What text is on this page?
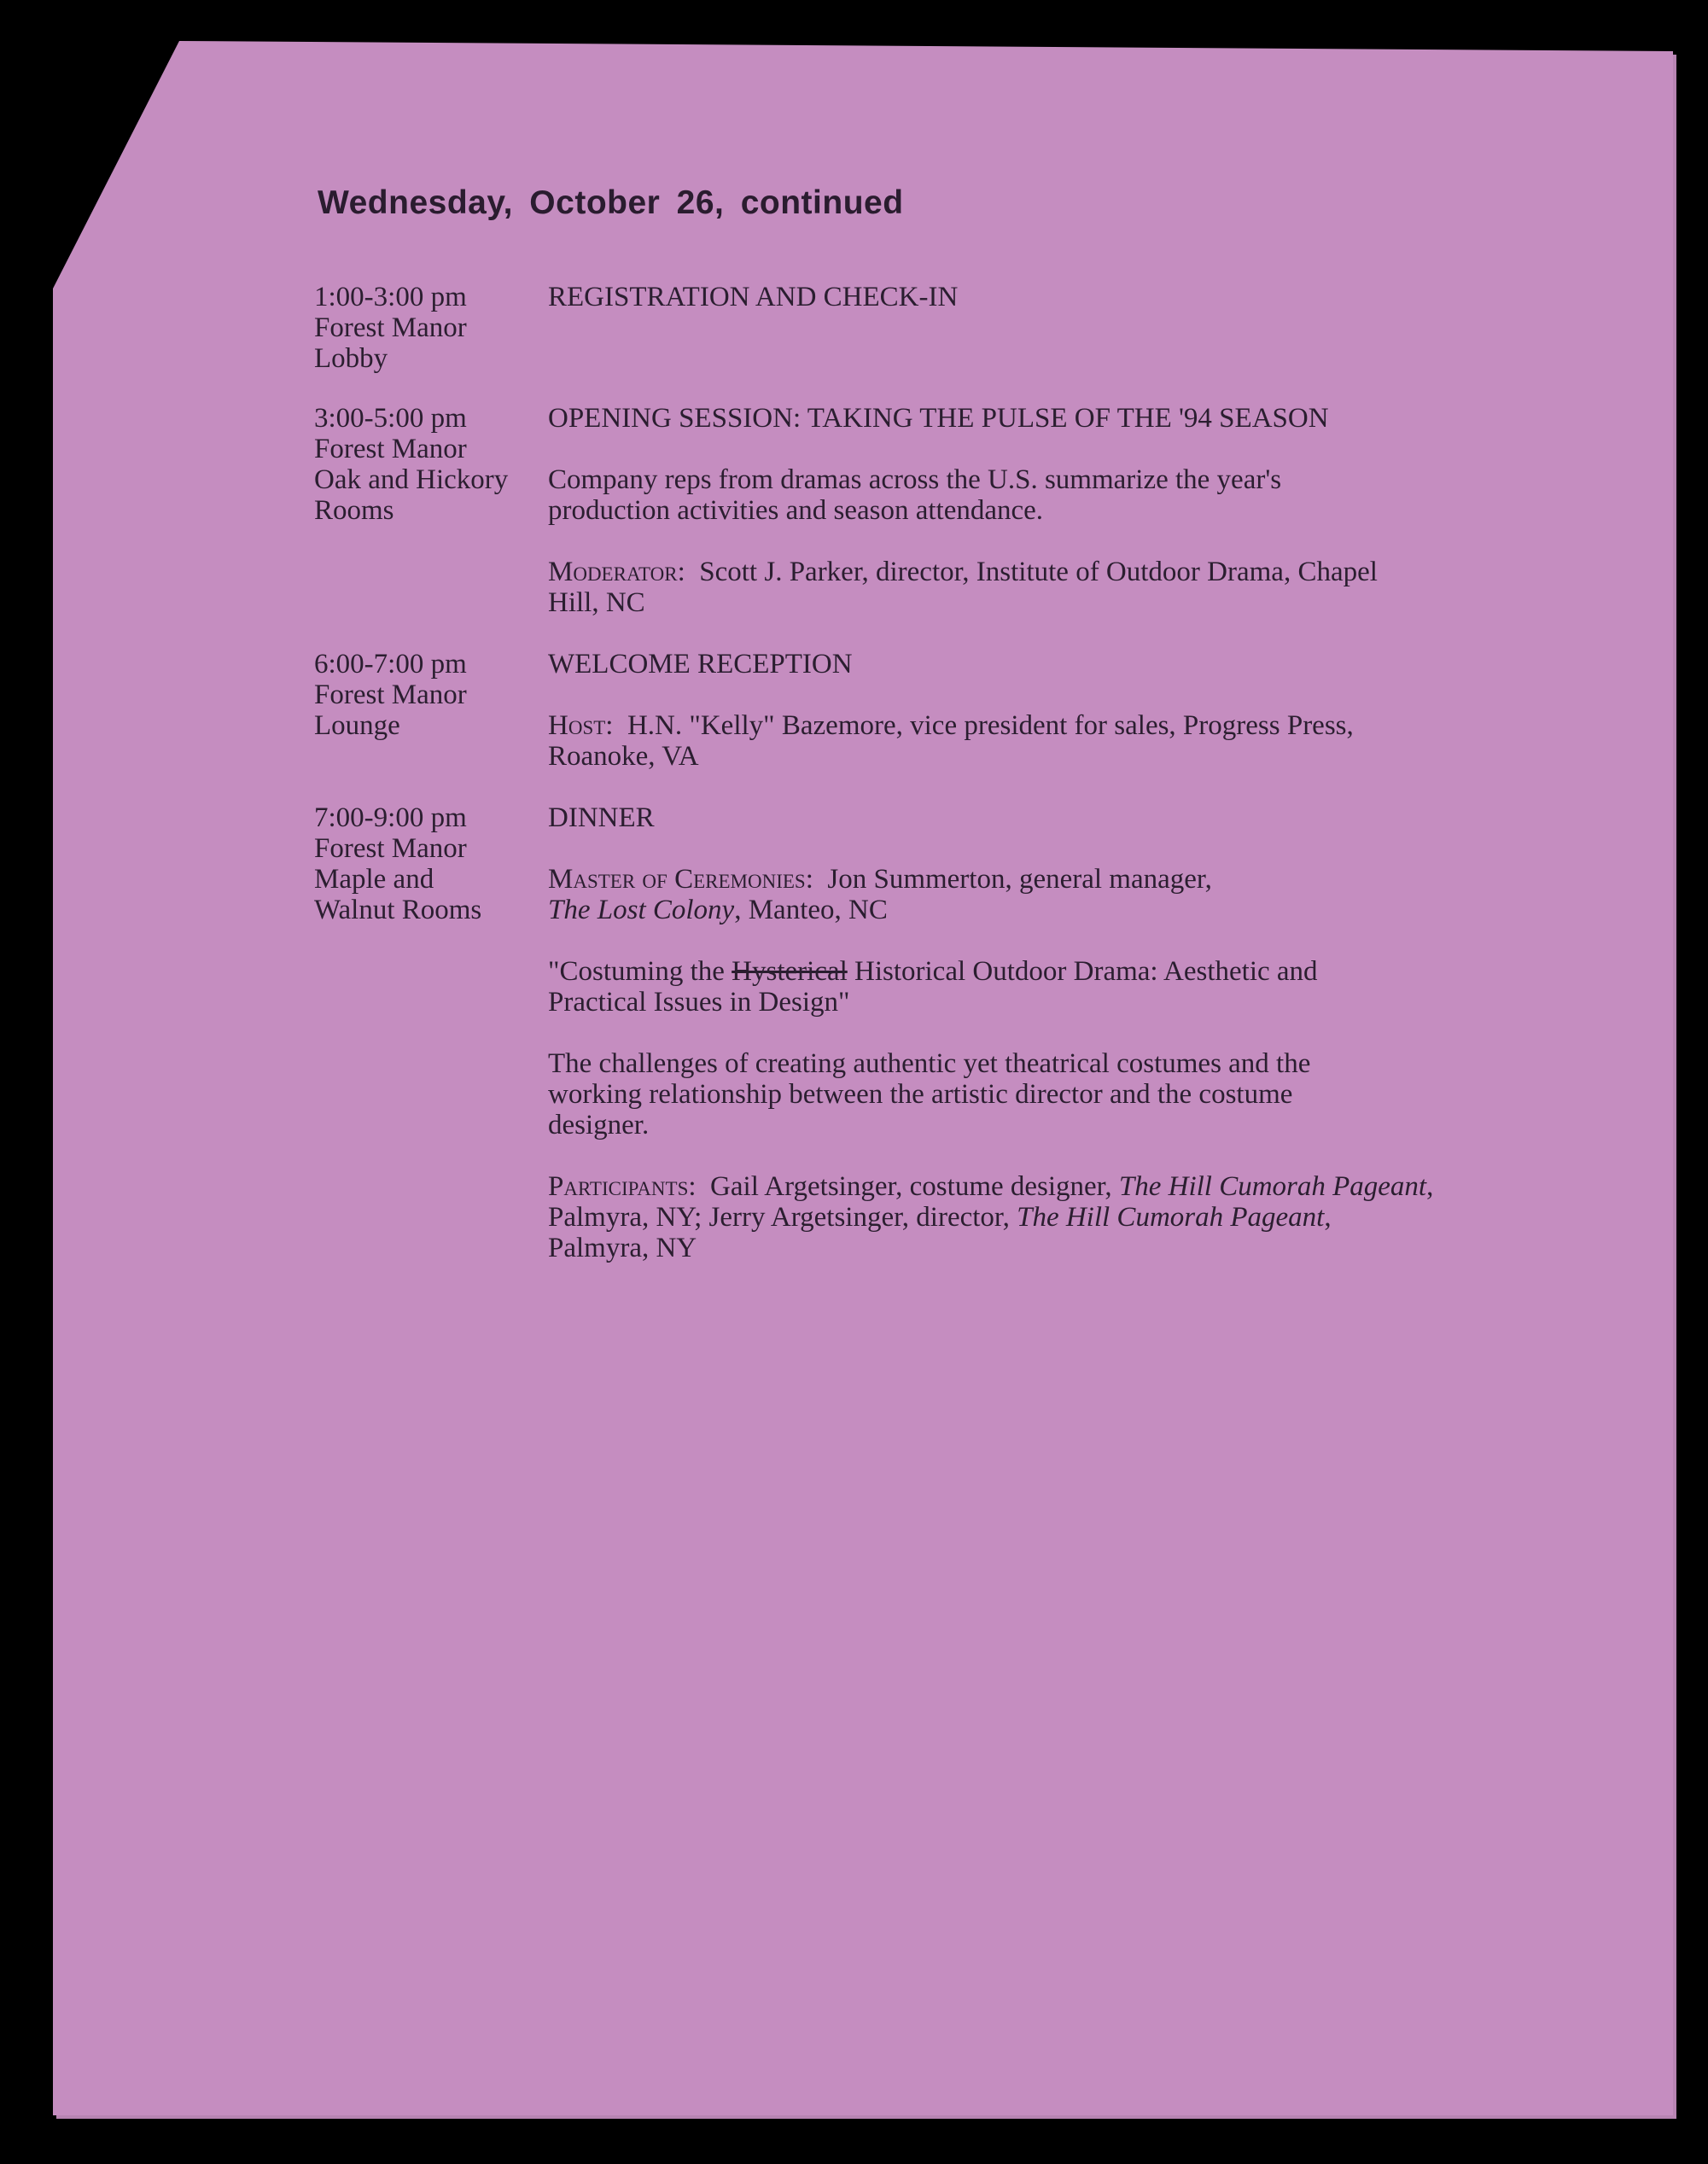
Wednesday, October 26, continued
1:00-3:00 pm
Forest Manor
Lobby
REGISTRATION AND CHECK-IN
3:00-5:00 pm
Forest Manor
Oak and Hickory
Rooms
OPENING SESSION: TAKING THE PULSE OF THE '94 SEASON
Company reps from dramas across the U.S. summarize the year's production activities and season attendance.
Moderator: Scott J. Parker, director, Institute of Outdoor Drama, Chapel Hill, NC
6:00-7:00 pm
Forest Manor
Lounge
WELCOME RECEPTION
Host: H.N. "Kelly" Bazemore, vice president for sales, Progress Press, Roanoke, VA
7:00-9:00 pm
Forest Manor
Maple and
Walnut Rooms
DINNER
Master of Ceremonies: Jon Summerton, general manager,
The Lost Colony, Manteo, NC
"Costuming the Hysterical Historical Outdoor Drama: Aesthetic and Practical Issues in Design"
The challenges of creating authentic yet theatrical costumes and the working relationship between the artistic director and the costume designer.
Participants: Gail Argetsinger, costume designer, The Hill Cumorah Pageant, Palmyra, NY; Jerry Argetsinger, director, The Hill Cumorah Pageant, Palmyra, NY
